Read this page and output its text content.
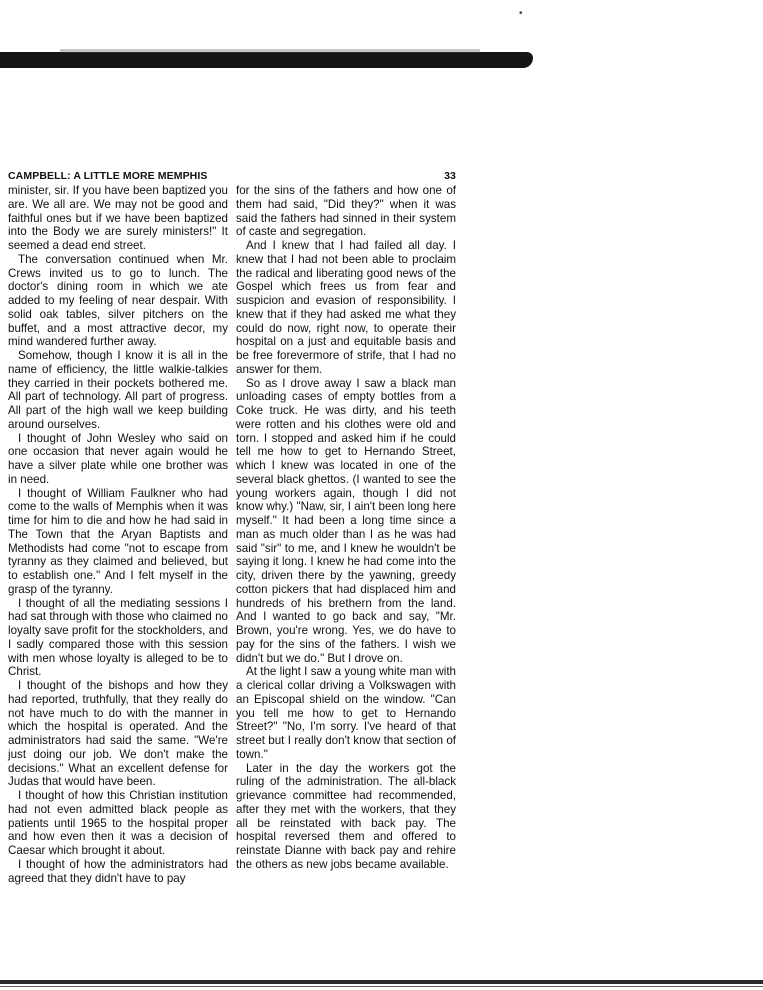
•
CAMPBELL: A LITTLE MORE MEMPHIS	33

minister, sir. If you have been baptized you are. We all are. We may not be good and faithful ones but if we have been baptized into the Body we are surely ministers!" It seemed a dead end street.

The conversation continued when Mr. Crews invited us to go to lunch. The doctor's dining room in which we ate added to my feeling of near despair. With solid oak tables, silver pitchers on the buffet, and a most attractive decor, my mind wandered further away.

Somehow, though I know it is all in the name of efficiency, the little walkie-talkies they carried in their pockets bothered me. All part of technology. All part of progress. All part of the high wall we keep building around ourselves.

I thought of John Wesley who said on one occasion that never again would he have a silver plate while one brother was in need.

I thought of William Faulkner who had come to the walls of Memphis when it was time for him to die and how he had said in The Town that the Aryan Baptists and Methodists had come "not to escape from tyranny as they claimed and believed, but to establish one." And I felt myself in the grasp of the tyranny.

I thought of all the mediating sessions I had sat through with those who claimed no loyalty save profit for the stockholders, and I sadly compared those with this session with men whose loyalty is alleged to be to Christ.

I thought of the bishops and how they had reported, truthfully, that they really do not have much to do with the manner in which the hospital is operated. And the administrators had said the same. "We're just doing our job. We don't make the decisions." What an excellent defense for Judas that would have been.

I thought of how this Christian institution had not even admitted black people as patients until 1965 to the hospital proper and how even then it was a decision of Caesar which brought it about.

I thought of how the administrators had agreed that they didn't have to pay

for the sins of the fathers and how one of them had said, "Did they?" when it was said the fathers had sinned in their system of caste and segregation.

And I knew that I had failed all day. I knew that I had not been able to proclaim the radical and liberating good news of the Gospel which frees us from fear and suspicion and evasion of responsibility. I knew that if they had asked me what they could do now, right now, to operate their hospital on a just and equitable basis and be free forevermore of strife, that I had no answer for them.

So as I drove away I saw a black man unloading cases of empty bottles from a Coke truck. He was dirty, and his teeth were rotten and his clothes were old and torn. I stopped and asked him if he could tell me how to get to Hernando Street, which I knew was located in one of the several black ghettos. (I wanted to see the young workers again, though I did not know why.) "Naw, sir, I ain't been long here myself." It had been a long time since a man as much older than I as he was had said "sir" to me, and I knew he wouldn't be saying it long. I knew he had come into the city, driven there by the yawning, greedy cotton pickers that had displaced him and hundreds of his brethern from the land. And I wanted to go back and say, "Mr. Brown, you're wrong. Yes, we do have to pay for the sins of the fathers. I wish we didn't but we do." But I drove on.

At the light I saw a young white man with a clerical collar driving a Volkswagen with an Episcopal shield on the window. "Can you tell me how to get to Hernando Street?" "No, I'm sorry. I've heard of that street but I really don't know that section of town."

Later in the day the workers got the ruling of the administration. The all-black grievance committee had recommended, after they met with the workers, that they all be reinstated with back pay. The hospital reversed them and offered to reinstate Dianne with back pay and rehire the others as new jobs became available.
